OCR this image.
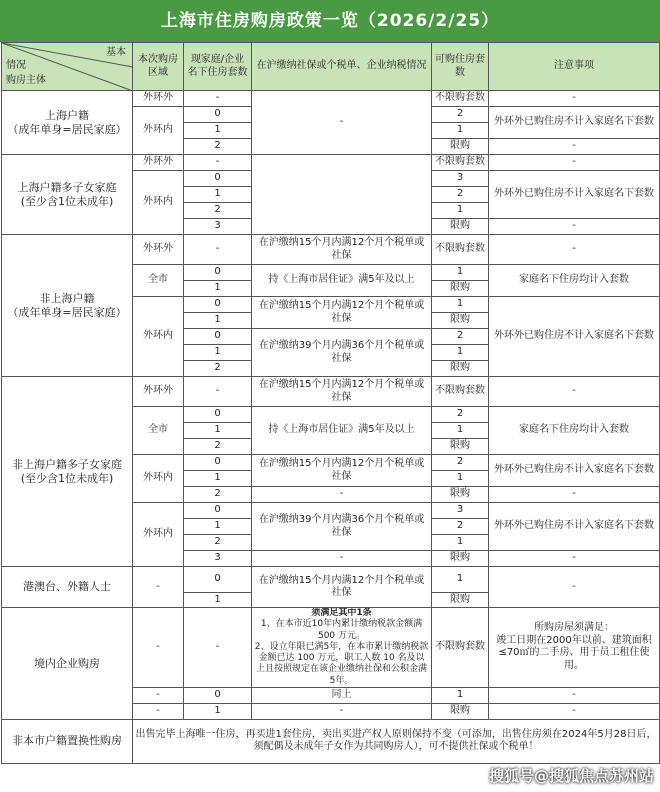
上海市住房购房政策一览（2026/2/25）
基本
情况
购房主体	本次购房区域	现家庭/企业名下住房套数	在沪缴纳社保或个税单、企业纳税情况	可购住房套数	注意事项

上海户籍
（成年单身=居民家庭）	外环外	-	-	不限购套数	-
	外环内	0		2	外环外已购住房不计入家庭名下套数
		1		1	
		2		限购	-

上海户籍多子女家庭
(至少含1位未成年)	外环外	-		不限购套数	-
	外环内	0		3	外环外已购住房不计入家庭名下套数
		1		2	
		2		1	
		3		限购	-

非上海户籍
（成年单身=居民家庭）	外环外	-	在沪缴纳15个月内满12个月个税单或社保	不限购套数	-
	全市	0	持《上海市居住证》满5年及以上	1	家庭名下住房均计入套数
		1		限购	
	外环内	0	在沪缴纳15个月内满12个月个税单或社保	1	外环外已购住房不计入家庭名下套数
		1		限购	
		0	在沪缴纳39个月内满36个月个税单或社保	2	
		1		1	
		2		限购	

非上海户籍多子女家庭
(至少含1位未成年)	外环外	-	在沪缴纳15个月内满12个月个税单或社保	不限购套数	-
	全市	0	持《上海市居住证》满5年及以上	2	家庭名下住房均计入套数
		1		1	
		2		限购	
	外环内	0	在沪缴纳15个月内满12个月个税单或社保	2	外环外已购住房不计入家庭名下套数
		1		1	
		2	-	限购	-
	外环内	0	在沪缴纳39个月内满36个月个税单或社保	3	外环外已购住房不计入家庭名下套数
		1		2	
		2		1	
		3	-	限购	-
港澳台、外籍人士	-	0	在沪缴纳15个月内满12个月个税单或社保	1	-
		1		限购	
境内企业购房	-	-	须满足其中1条
1、在本市近10年内累计缴纳税款金额满 500 万元。
2、设立年限已满5年，在本市累计缴纳税款金额已达 100 万元，职工人数 10 名及以上且按照规定在该企业缴纳社保和公积金满5年。	不限购套数	所购房屋须满足：
竣工日期在2000年以前、建筑面积≤70㎡的二手房、用于员工租住使用。

	-	0	同上	1	-
	-	1	-	限购	-
非本市户籍置换性购房	出售完毕上海唯一住房，再买进1套住房，卖出买进产权人原则保持不变（可添加，出售住房须在2024年5月28日后，须配偶及未成年子女作为共同购房人），可不提供社保或个税单！				
搜狐号@搜狐焦点苏州站
